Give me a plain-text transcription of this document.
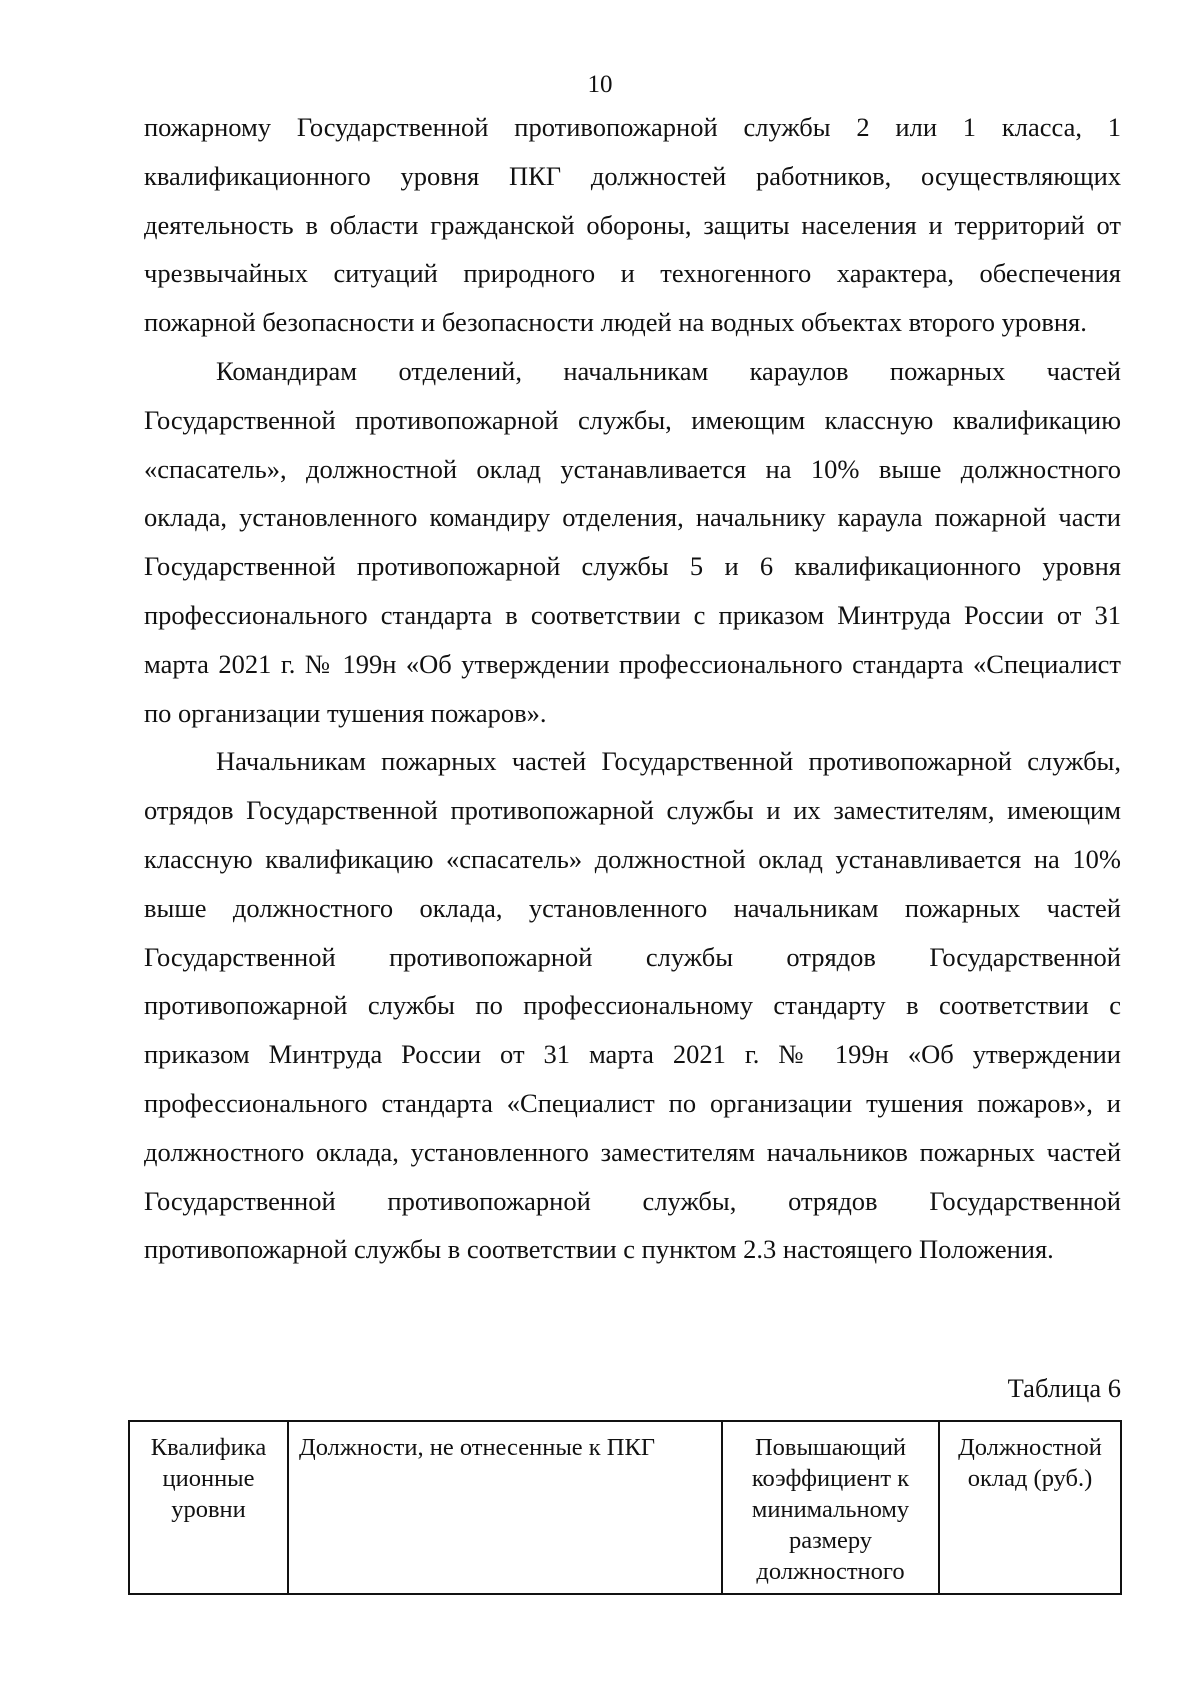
10

пожарному Государственной противопожарной службы 2 или 1 класса, 1 квалификационного уровня ПКГ должностей работников, осуществляющих деятельность в области гражданской обороны, защиты населения и территорий от чрезвычайных ситуаций природного и техногенного характера, обеспечения пожарной безопасности и безопасности людей на водных объектах второго уровня.

Командирам отделений, начальникам караулов пожарных частей Государственной противопожарной службы, имеющим классную квалификацию «спасатель», должностной оклад устанавливается на 10% выше должностного оклада, установленного командиру отделения, начальнику караула пожарной части Государственной противопожарной службы 5 и 6 квалификационного уровня профессионального стандарта в соответствии с приказом Минтруда России от 31 марта 2021 г. № 199н «Об утверждении профессионального стандарта «Специалист по организации тушения пожаров».

Начальникам пожарных частей Государственной противопожарной службы, отрядов Государственной противопожарной службы и их заместителям, имеющим классную квалификацию «спасатель» должностной оклад устанавливается на 10% выше должностного оклада, установленного начальникам пожарных частей Государственной противопожарной службы отрядов Государственной противопожарной службы по профессиональному стандарту в соответствии с приказом Минтруда России от 31 марта 2021 г. № 199н «Об утверждении профессионального стандарта «Специалист по организации тушения пожаров», и должностного оклада, установленного заместителям начальников пожарных частей Государственной противопожарной службы, отрядов Государственной противопожарной службы в соответствии с пунктом 2.3 настоящего Положения.

Таблица 6
Квалифика ционные уровни	Должности, не отнесенные к ПКГ	Повышающий коэффициент к минимальному размеру должностного	Должностной оклад (руб.)
